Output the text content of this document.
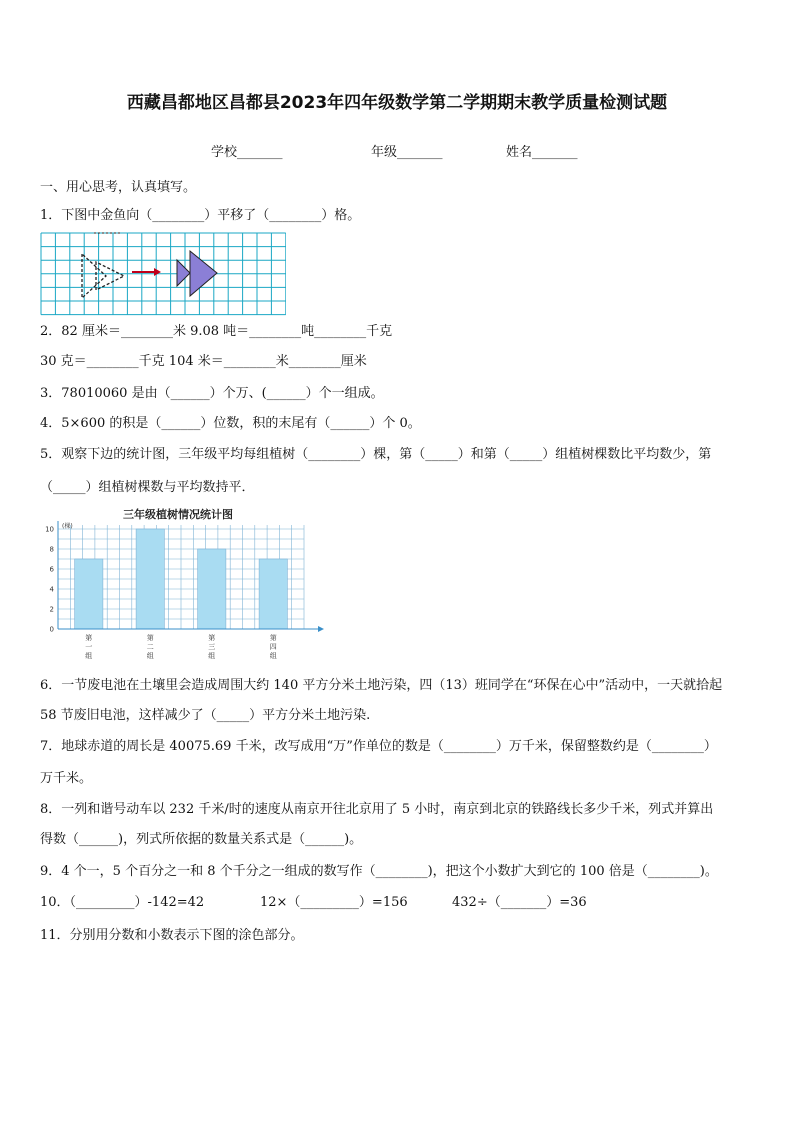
西藏昌都地区昌都县2023年四年级数学第二学期期末教学质量检测试题
学校_______	年级_______	姓名_______
一、用心思考，认真填写。
1．下图中金鱼向（________）平移了（________）格。
2．82 厘米＝________米 9.08 吨＝________吨________千克
30 克＝________千克 104 米＝________米________厘米
3．78010060 是由（______）个万、(______）个一组成。
4．5×600 的积是（______）位数，积的末尾有（______）个 0。
5．观察下边的统计图，三年级平均每组植树（________）棵，第（_____）和第（_____）组植树棵数比平均数少，第
（_____）组植树棵数与平均数持平．
三年级植树情况统计图
(棵)
0
2
4
6
8
10
第
一
组
第
二
组
第
三
组
第
四
组
6．一节废电池在土壤里会造成周围大约 140 平方分米土地污染，四（13）班同学在“环保在心中”活动中，一天就拾起
58 节废旧电池，这样减少了（_____）平方分米土地污染.
7．地球赤道的周长是 40075.69 千米，改写成用“万”作单位的数是（________）万千米，保留整数约是（________）
万千米。
8．一列和谐号动车以 232 千米/时的速度从南京开往北京用了 5 小时，南京到北京的铁路线长多少千米，列式并算出
得数（______)，列式所依据的数量关系式是（______)。
9．4 个一，5 个百分之一和 8 个千分之一组成的数写作（________)，把这个小数扩大到它的 100 倍是（________)。
10．（_________）-142=42	12×（_________）=156	432÷（_______）=36
11．分别用分数和小数表示下图的涂色部分。
